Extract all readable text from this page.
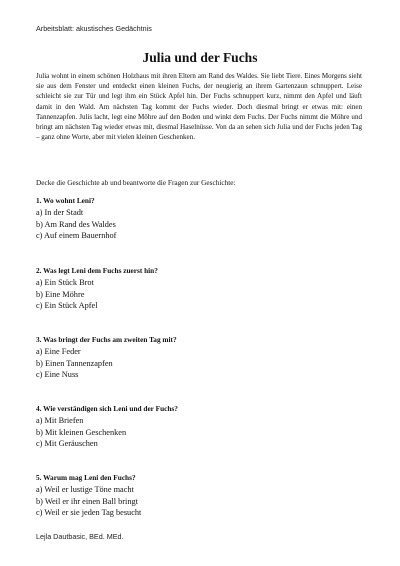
Arbeitsblatt: akustisches Gedächtnis
Julia und der Fuchs
Julia wohnt in einem schönen Holzhaus mit ihren Eltern am Rand des Waldes. Sie liebt Tiere. Eines Morgens sieht sie aus dem Fenster und entdeckt einen kleinen Fuchs, der neugierig an ihrem Gartenzaun schnuppert. Leise schleicht sie zur Tür und legt ihm ein Stück Apfel hin. Der Fuchs schnuppert kurz, nimmt den Apfel und läuft damit in den Wald. Am nächsten Tag kommt der Fuchs wieder. Doch diesmal bringt er etwas mit: einen Tannenzapfen. Julis lacht, legt eine Möhre auf den Boden und winkt dem Fuchs. Der Fuchs nimmt die Möhre und bringt am nächsten Tag wieder etwas mit, diesmal Haselnüsse. Von da an sehen sich Julia und der Fuchs jeden Tag – ganz ohne Worte, aber mit vielen kleinen Geschenken.
Decke die Geschichte ab und beantworte die Fragen zur Geschichte:
1. Wo wohnt Leni?
a) In der Stadt
b) Am Rand des Waldes
c) Auf einem Bauernhof
2. Was legt Leni dem Fuchs zuerst hin?
a) Ein Stück Brot
b) Eine Möhre
c) Ein Stück Apfel
3. Was bringt der Fuchs am zweiten Tag mit?
a) Eine Feder
b) Einen Tannenzapfen
c) Eine Nuss
4. Wie verständigen sich Leni und der Fuchs?
a) Mit Briefen
b) Mit kleinen Geschenken
c) Mit Geräuschen
5. Warum mag Leni den Fuchs?
a) Weil er lustige Töne macht
b) Weil er ihr einen Ball bringt
c) Weil er sie jeden Tag besucht
Lejla Dautbasic, BEd. MEd.
